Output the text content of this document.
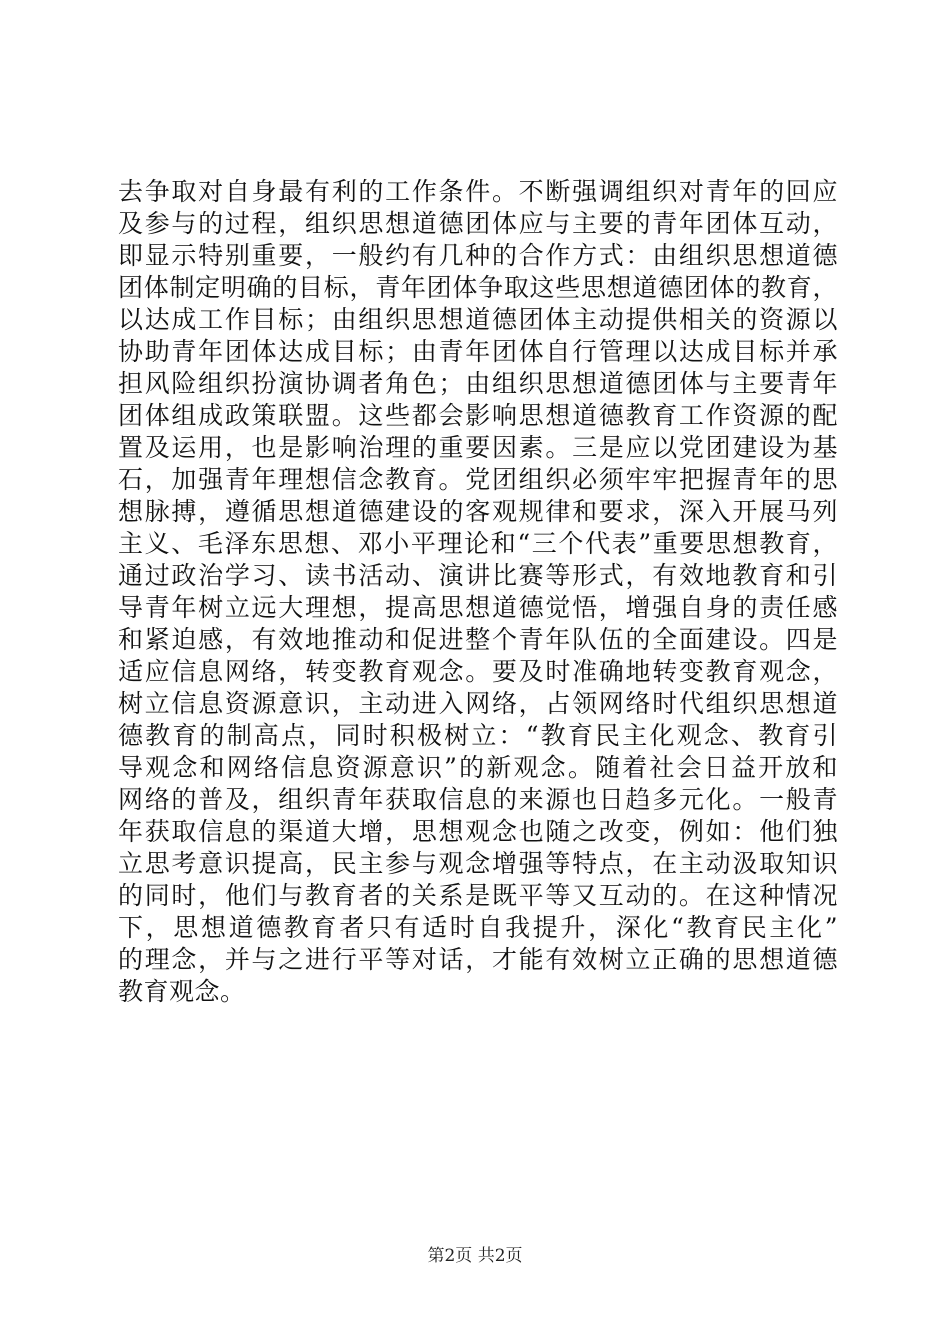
去争取对自身最有利的工作条件。不断强调组织对青年的回应
及参与的过程，组织思想道德团体应与主要的青年团体互动，
即显示特别重要，一般约有几种的合作方式：由组织思想道德
团体制定明确的目标，青年团体争取这些思想道德团体的教育，
以达成工作目标；由组织思想道德团体主动提供相关的资源以
协助青年团体达成目标；由青年团体自行管理以达成目标并承
担风险组织扮演协调者角色；由组织思想道德团体与主要青年
团体组成政策联盟。这些都会影响思想道德教育工作资源的配
置及运用，也是影响治理的重要因素。三是应以党团建设为基
石，加强青年理想信念教育。党团组织必须牢牢把握青年的思
想脉搏，遵循思想道德建设的客观规律和要求，深入开展马列
主义、毛泽东思想、邓小平理论和“三个代表”重要思想教育，
通过政治学习、读书活动、演讲比赛等形式，有效地教育和引
导青年树立远大理想，提高思想道德觉悟，增强自身的责任感
和紧迫感，有效地推动和促进整个青年队伍的全面建设。四是
适应信息网络，转变教育观念。要及时准确地转变教育观念，
树立信息资源意识，主动进入网络，占领网络时代组织思想道
德教育的制高点，同时积极树立：“教育民主化观念、教育引
导观念和网络信息资源意识”的新观念。随着社会日益开放和
网络的普及，组织青年获取信息的来源也日趋多元化。一般青
年获取信息的渠道大增，思想观念也随之改变，例如：他们独
立思考意识提高，民主参与观念增强等特点，在主动汲取知识
的同时，他们与教育者的关系是既平等又互动的。在这种情况
下，思想道德教育者只有适时自我提升，深化“教育民主化”
的理念，并与之进行平等对话，才能有效树立正确的思想道德
教育观念。
第2页 共2页
